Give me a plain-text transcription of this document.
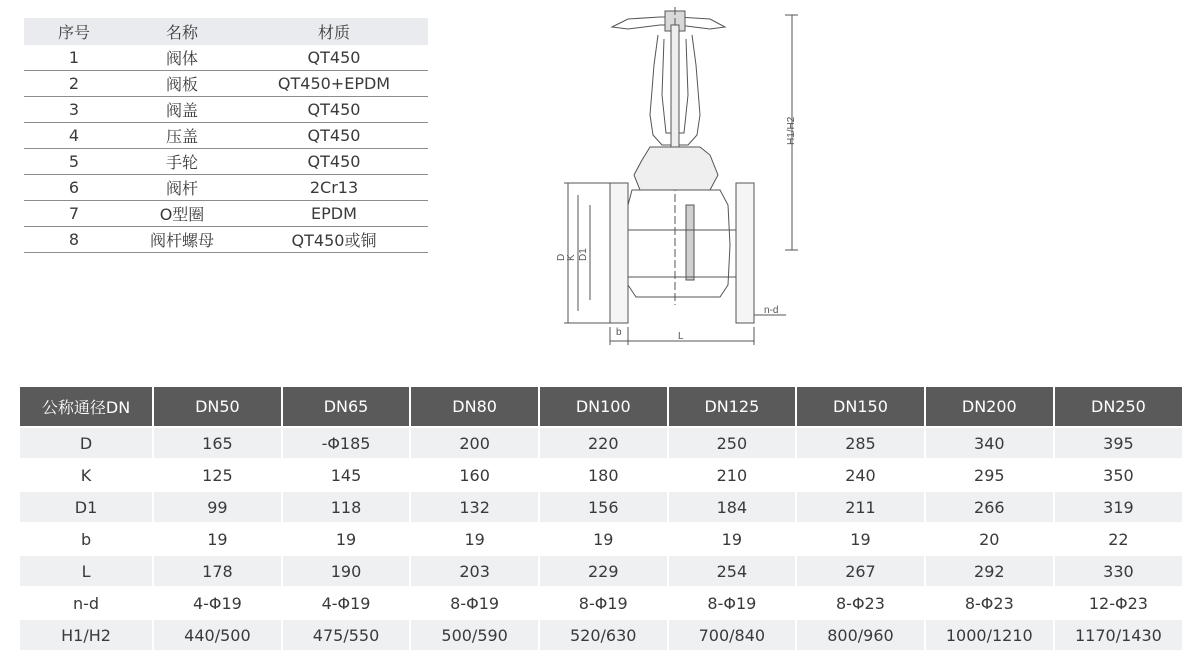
序号	名称	材质
1	阀体	QT450
2	阀板	QT450+EPDM
3	阀盖	QT450
4	压盖	QT450
5	手轮	QT450
6	阀杆	2Cr13
7	O型圈	EPDM
8	阀杆螺母	QT450或铜
H1/H2
D K D1
b	L
n-d
公称通径DN	DN50	DN65	DN80	DN100	DN125	DN150	DN200	DN250
D	165	-Φ185	200	220	250	285	340	395
K	125	145	160	180	210	240	295	350
D1	99	118	132	156	184	211	266	319
b	19	19	19	19	19	19	20	22
L	178	190	203	229	254	267	292	330
n-d	4-Φ19	4-Φ19	8-Φ19	8-Φ19	8-Φ19	8-Φ23	8-Φ23	12-Φ23
H1/H2	440/500	475/550	500/590	520/630	700/840	800/960	1000/1210	1170/1430
